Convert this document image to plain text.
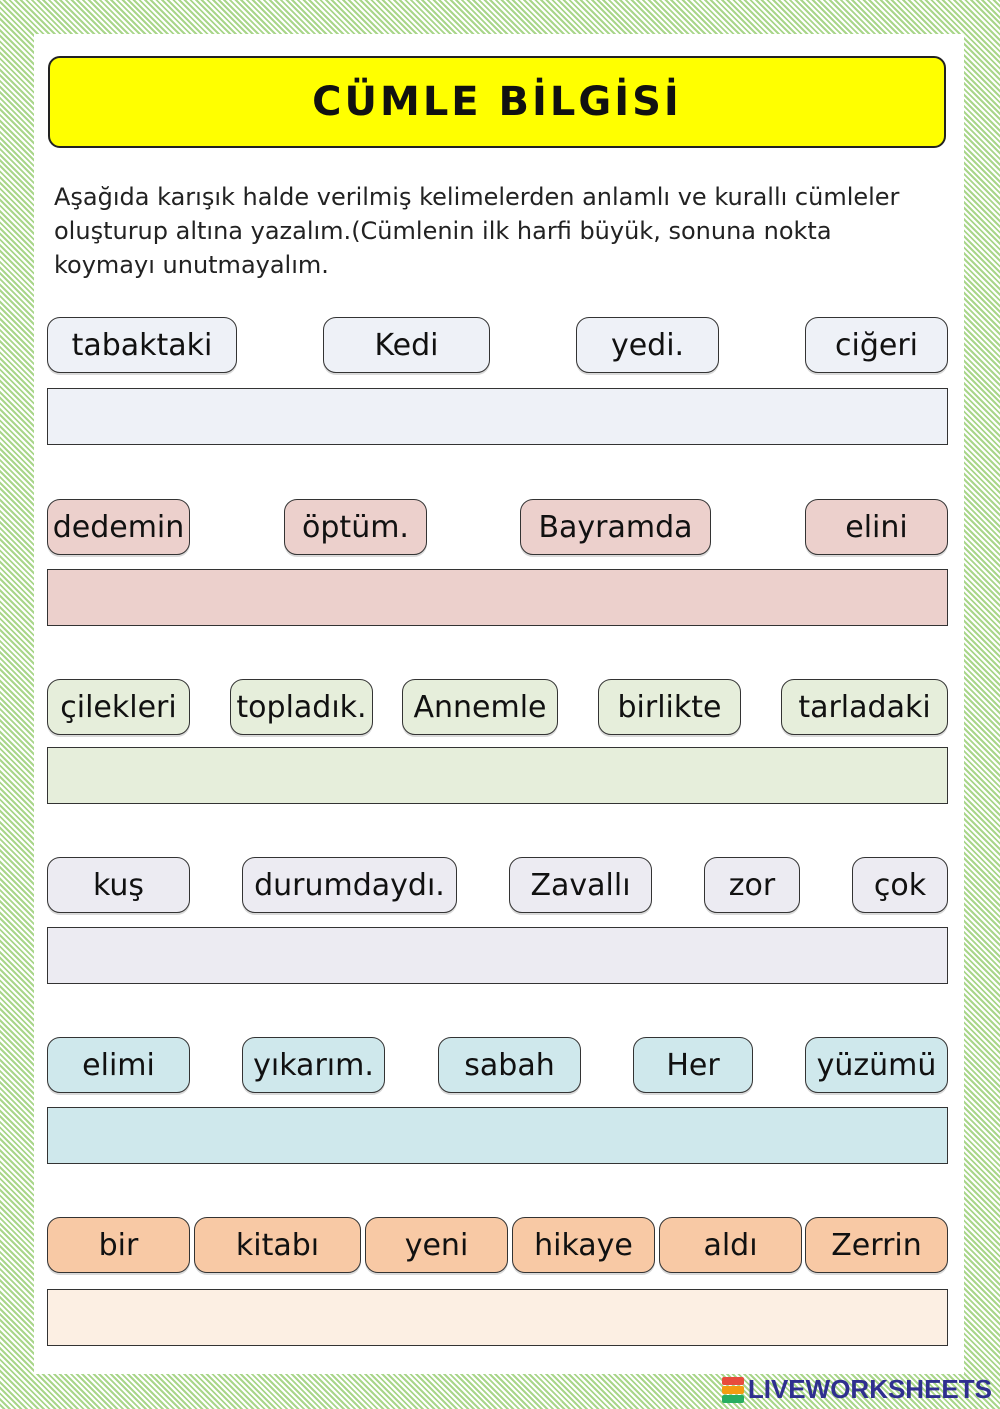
CÜMLE BİLGİSİ
Aşağıda karışık halde verilmiş kelimelerden anlamlı ve kurallı cümleler oluşturup altına yazalım.(Cümlenin ilk harfi büyük, sonuna nokta koymayı unutmayalım.
tabaktaki	Kedi	yedi.	ciğeri
dedemin	öptüm.	Bayramda	elini
çilekleri	topladık.	Annemle	birlikte	tarladaki
kuş	durumdaydı.	Zavallı	zor	çok
elimi	yıkarım.	sabah	Her	yüzümü
bir	kitabı	yeni	hikaye	aldı	Zerrin
LIVEWORKSHEETS
